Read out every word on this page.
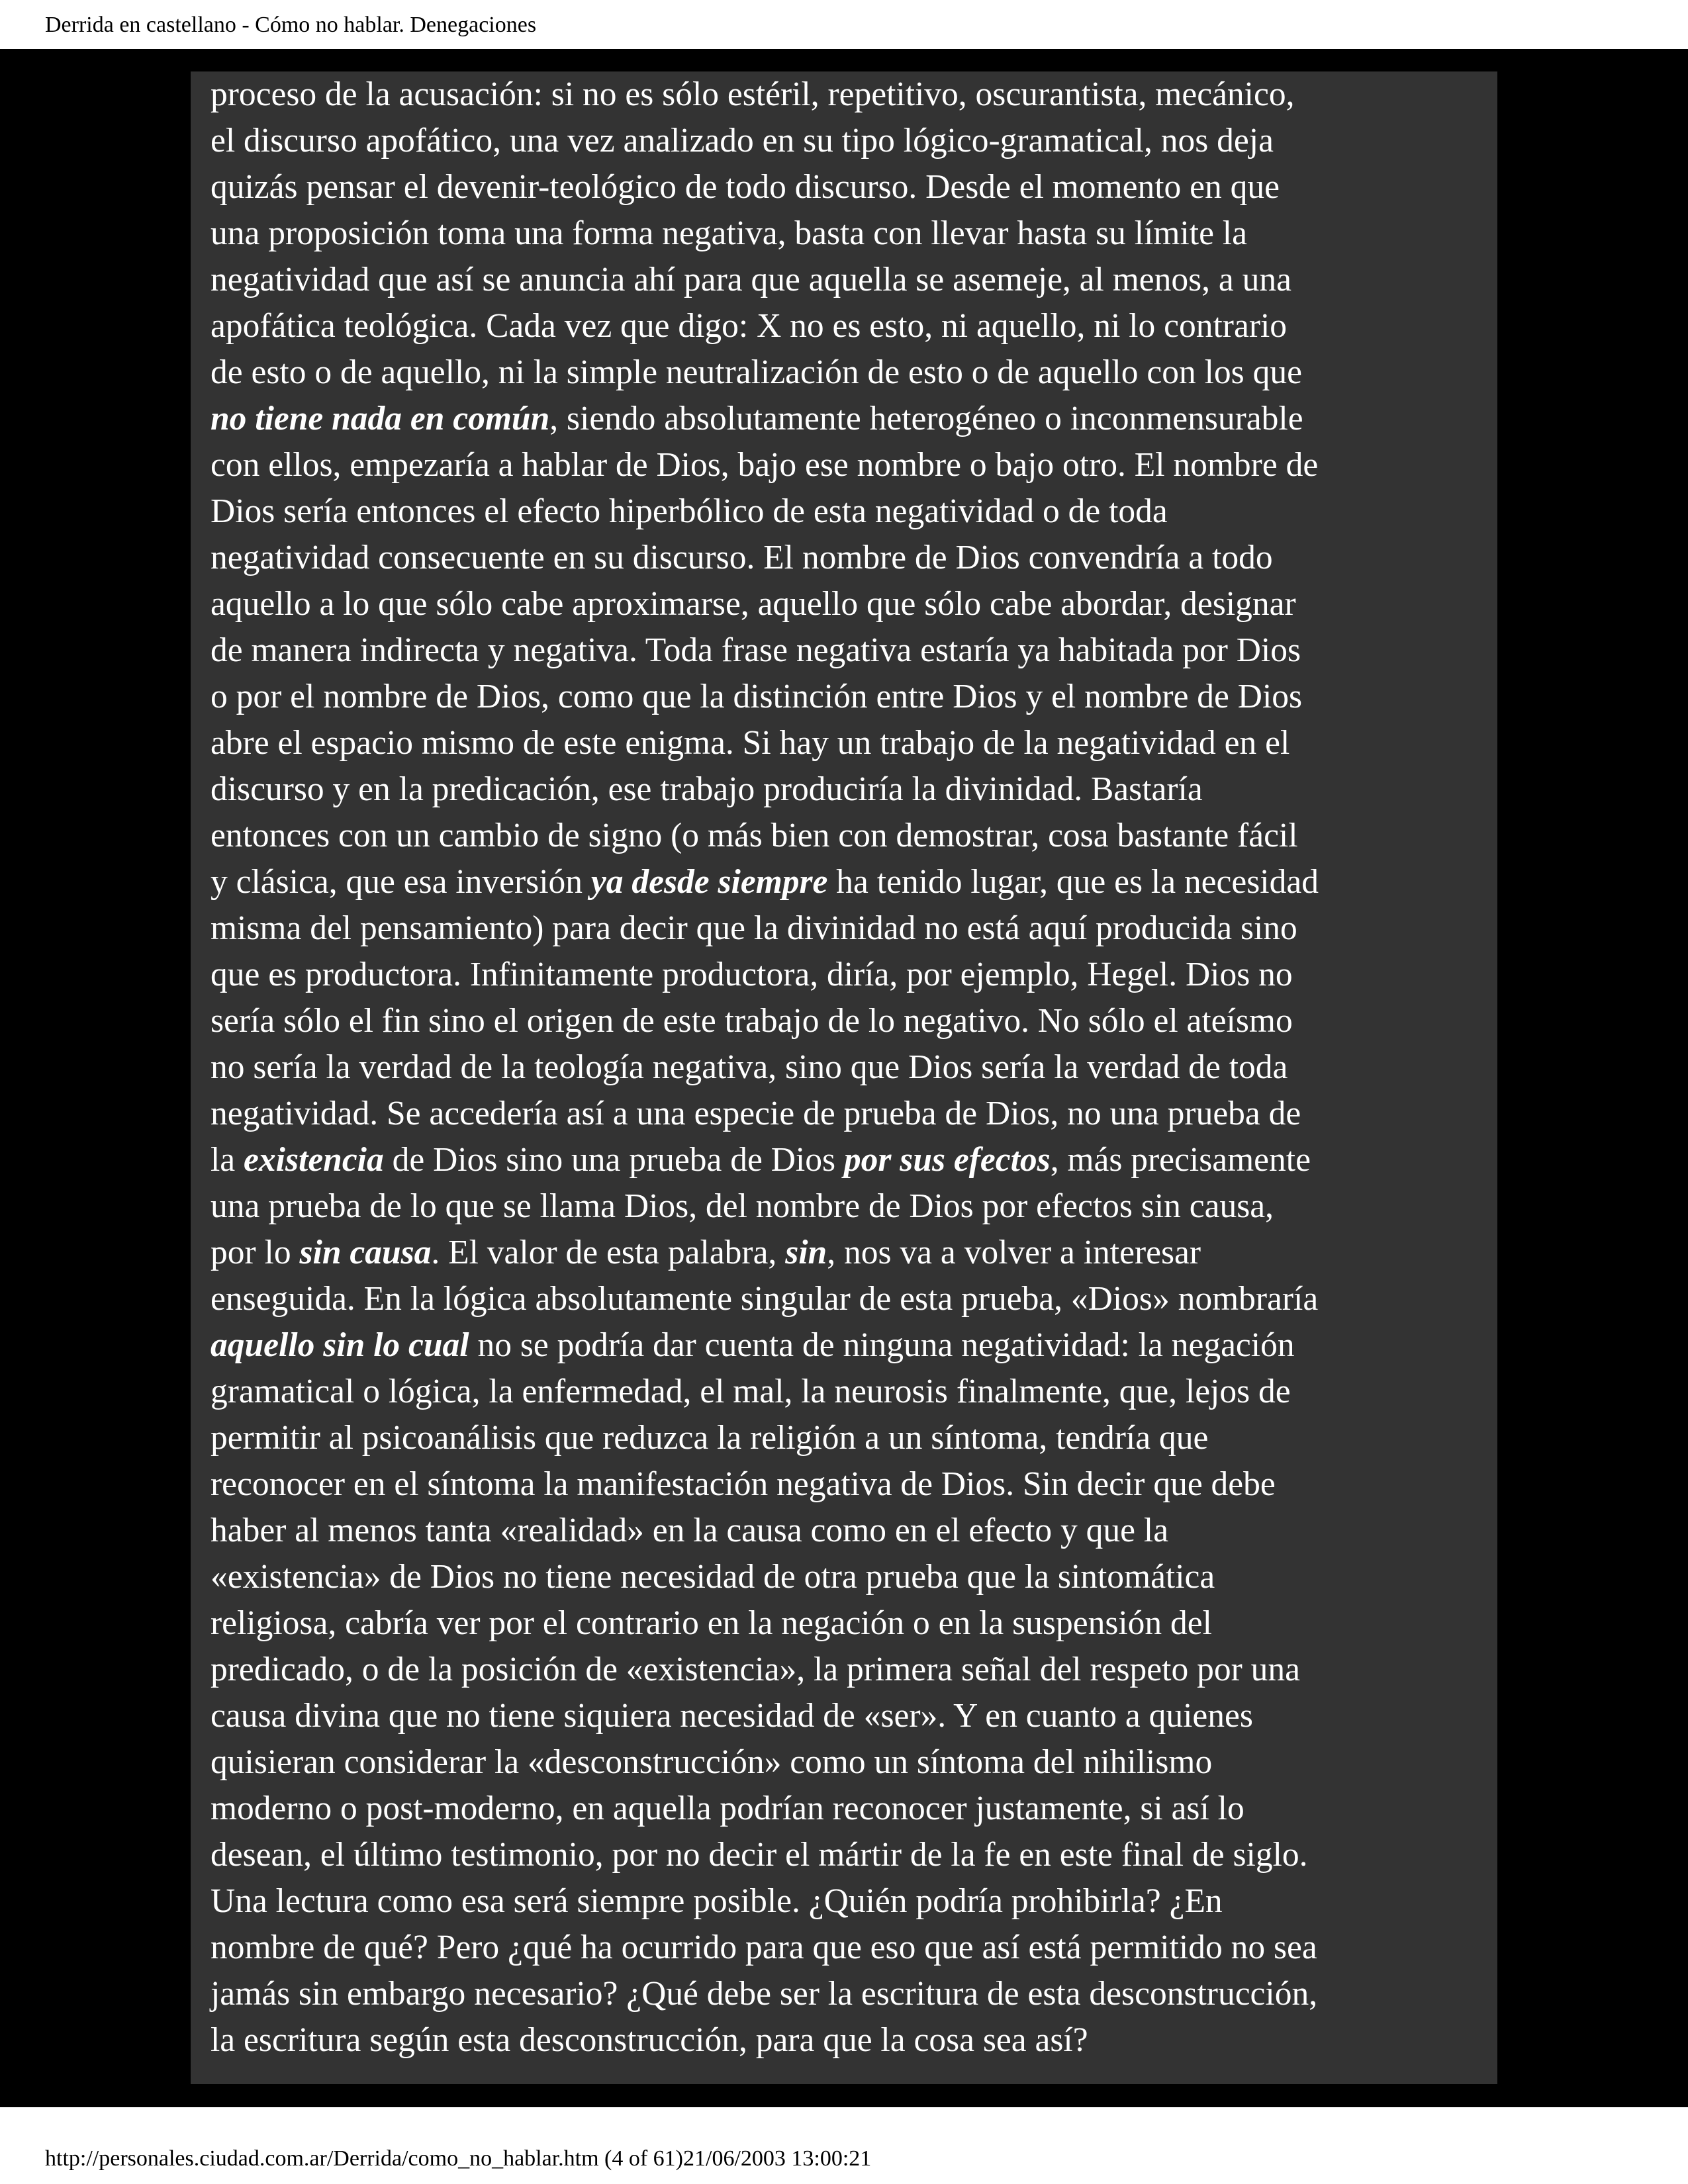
Derrida en castellano - Cómo no hablar. Denegaciones

proceso de la acusación: si no es sólo estéril, repetitivo, oscurantista, mecánico,
el discurso apofático, una vez analizado en su tipo lógico-gramatical, nos deja
quizás pensar el devenir-teológico de todo discurso. Desde el momento en que
una proposición toma una forma negativa, basta con llevar hasta su límite la
negatividad que así se anuncia ahí para que aquella se asemeje, al menos, a una
apofática teológica. Cada vez que digo: X no es esto, ni aquello, ni lo contrario
de esto o de aquello, ni la simple neutralización de esto o de aquello con los que
no tiene nada en común, siendo absolutamente heterogéneo o inconmensurable
con ellos, empezaría a hablar de Dios, bajo ese nombre o bajo otro. El nombre de
Dios sería entonces el efecto hiperbólico de esta negatividad o de toda
negatividad consecuente en su discurso. El nombre de Dios convendría a todo
aquello a lo que sólo cabe aproximarse, aquello que sólo cabe abordar, designar
de manera indirecta y negativa. Toda frase negativa estaría ya habitada por Dios
o por el nombre de Dios, como que la distinción entre Dios y el nombre de Dios
abre el espacio mismo de este enigma. Si hay un trabajo de la negatividad en el
discurso y en la predicación, ese trabajo produciría la divinidad. Bastaría
entonces con un cambio de signo (o más bien con demostrar, cosa bastante fácil
y clásica, que esa inversión ya desde siempre ha tenido lugar, que es la necesidad
misma del pensamiento) para decir que la divinidad no está aquí producida sino
que es productora. Infinitamente productora, diría, por ejemplo, Hegel. Dios no
sería sólo el fin sino el origen de este trabajo de lo negativo. No sólo el ateísmo
no sería la verdad de la teología negativa, sino que Dios sería la verdad de toda
negatividad. Se accedería así a una especie de prueba de Dios, no una prueba de
la existencia de Dios sino una prueba de Dios por sus efectos, más precisamente
una prueba de lo que se llama Dios, del nombre de Dios por efectos sin causa,
por lo sin causa. El valor de esta palabra, sin, nos va a volver a interesar
enseguida. En la lógica absolutamente singular de esta prueba, «Dios» nombraría
aquello sin lo cual no se podría dar cuenta de ninguna negatividad: la negación
gramatical o lógica, la enfermedad, el mal, la neurosis finalmente, que, lejos de
permitir al psicoanálisis que reduzca la religión a un síntoma, tendría que
reconocer en el síntoma la manifestación negativa de Dios. Sin decir que debe
haber al menos tanta «realidad» en la causa como en el efecto y que la
«existencia» de Dios no tiene necesidad de otra prueba que la sintomática
religiosa, cabría ver por el contrario en la negación o en la suspensión del
predicado, o de la posición de «existencia», la primera señal del respeto por una
causa divina que no tiene siquiera necesidad de «ser». Y en cuanto a quienes
quisieran considerar la «desconstrucción» como un síntoma del nihilismo
moderno o post-moderno, en aquella podrían reconocer justamente, si así lo
desean, el último testimonio, por no decir el mártir de la fe en este final de siglo.
Una lectura como esa será siempre posible. ¿Quién podría prohibirla? ¿En
nombre de qué? Pero ¿qué ha ocurrido para que eso que así está permitido no sea
jamás sin embargo necesario? ¿Qué debe ser la escritura de esta desconstrucción,
la escritura según esta desconstrucción, para que la cosa sea así?

http://personales.ciudad.com.ar/Derrida/como_no_hablar.htm (4 of 61)21/06/2003 13:00:21
